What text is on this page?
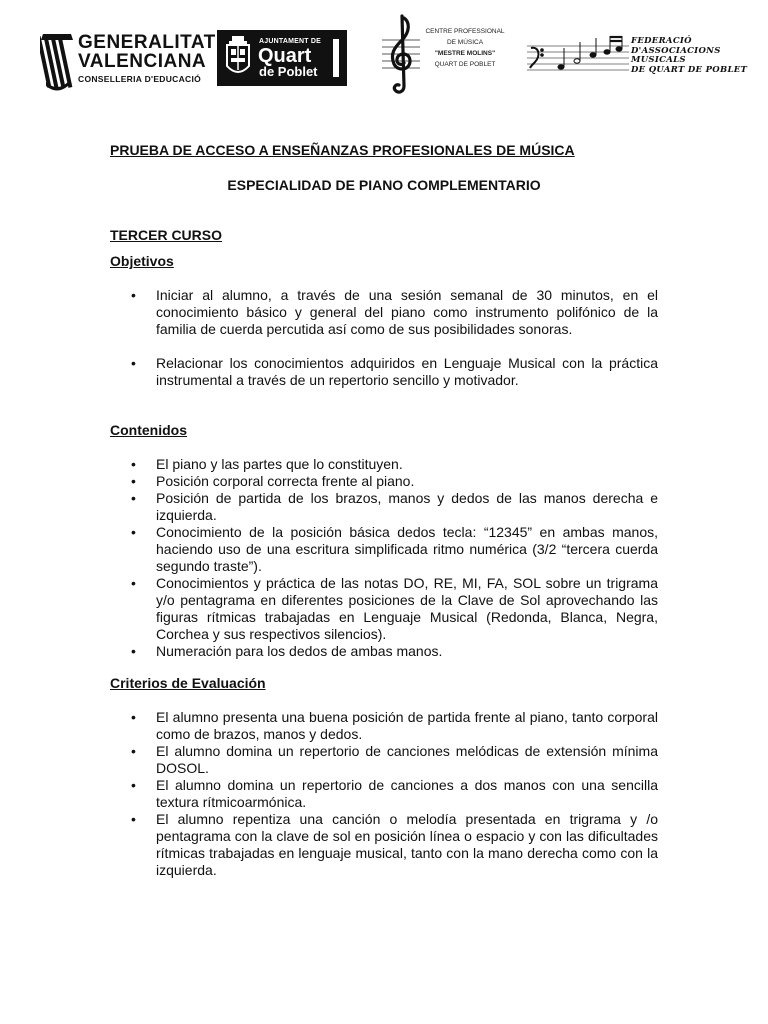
GENERALITAT
VALENCIANA
CONSELLERIA D'EDUCACIÓ
AJUNTAMENT DE
Quart
de Poblet
CENTRE PROFESSIONAL
DE MÚSICA
"MESTRE MOLINS"
QUART DE POBLET
FEDERACIÓ
D'ASSOCIACIONS
MUSICALS
DE QUART DE POBLET

PRUEBA DE ACCESO A ENSEÑANZAS PROFESIONALES DE MÚSICA

ESPECIALIDAD DE PIANO COMPLEMENTARIO

TERCER CURSO

Objetivos

• Iniciar al alumno, a través de una sesión semanal de 30 minutos, en el conocimiento básico y general del piano como instrumento polifónico de la familia de cuerda percutida así como de sus posibilidades sonoras.
• Relacionar los conocimientos adquiridos en Lenguaje Musical con la práctica instrumental a través de un repertorio sencillo y motivador.

Contenidos

• El piano y las partes que lo constituyen.
• Posición corporal correcta frente al piano.
• Posición de partida de los brazos, manos y dedos de las manos derecha e izquierda.
• Conocimiento de la posición básica dedos tecla: “12345” en ambas manos, haciendo uso de una escritura simplificada ritmo numérica (3/2 “tercera cuerda segundo traste”).
• Conocimientos y práctica de las notas DO, RE, MI, FA, SOL sobre un trigrama y/o pentagrama en diferentes posiciones de la Clave de Sol aprovechando las figuras rítmicas trabajadas en Lenguaje Musical (Redonda, Blanca, Negra, Corchea y sus respectivos silencios).
• Numeración para los dedos de ambas manos.

Criterios de Evaluación

• El alumno presenta una buena posición de partida frente al piano, tanto corporal como de brazos, manos y dedos.
• El alumno domina un repertorio de canciones melódicas de extensión mínima DOSOL.
• El alumno domina un repertorio de canciones a dos manos con una sencilla textura rítmicoarmónica.
• El alumno repentiza una canción o melodía presentada en trigrama y /o pentagrama con la clave de sol en posición línea o espacio y con las dificultades rítmicas trabajadas en lenguaje musical, tanto con la mano derecha como con la izquierda.
